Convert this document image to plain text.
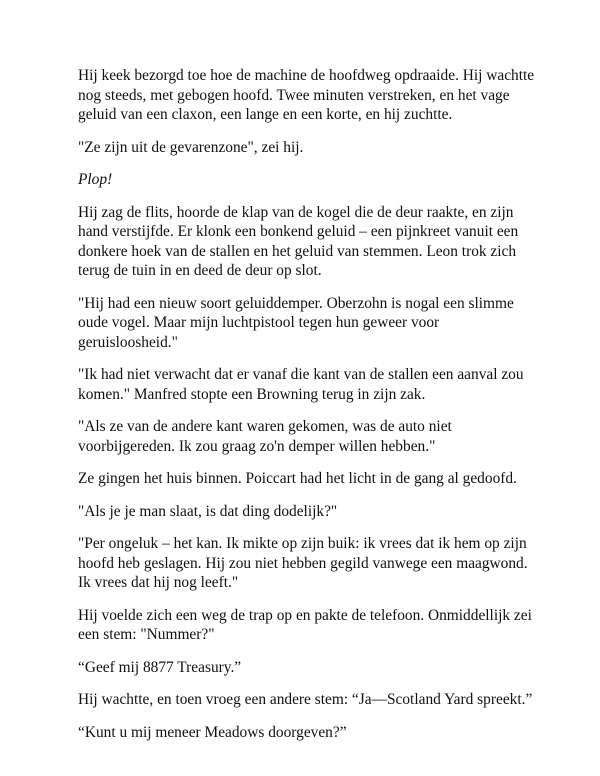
Hij keek bezorgd toe hoe de machine de hoofdweg opdraaide. Hij wachtte nog steeds, met gebogen hoofd. Twee minuten verstreken, en het vage geluid van een claxon, een lange en een korte, en hij zuchtte.

"Ze zijn uit de gevarenzone", zei hij.

Plop!

Hij zag de flits, hoorde de klap van de kogel die de deur raakte, en zijn hand verstijfde. Er klonk een bonkend geluid – een pijnkreet vanuit een donkere hoek van de stallen en het geluid van stemmen. Leon trok zich terug de tuin in en deed de deur op slot.

"Hij had een nieuw soort geluiddemper. Oberzohn is nogal een slimme oude vogel. Maar mijn luchtpistool tegen hun geweer voor geruisloosheid."

"Ik had niet verwacht dat er vanaf die kant van de stallen een aanval zou komen." Manfred stopte een Browning terug in zijn zak.

"Als ze van de andere kant waren gekomen, was de auto niet voorbijgereden. Ik zou graag zo'n demper willen hebben."

Ze gingen het huis binnen. Poiccart had het licht in de gang al gedoofd.

"Als je je man slaat, is dat ding dodelijk?"

"Per ongeluk – het kan. Ik mikte op zijn buik: ik vrees dat ik hem op zijn hoofd heb geslagen. Hij zou niet hebben gegild vanwege een maagwond. Ik vrees dat hij nog leeft."

Hij voelde zich een weg de trap op en pakte de telefoon. Onmiddellijk zei een stem: "Nummer?"

“Geef mij 8877 Treasury.”

Hij wachtte, en toen vroeg een andere stem: “Ja—Scotland Yard spreekt.”

“Kunt u mij meneer Meadows doorgeven?”
